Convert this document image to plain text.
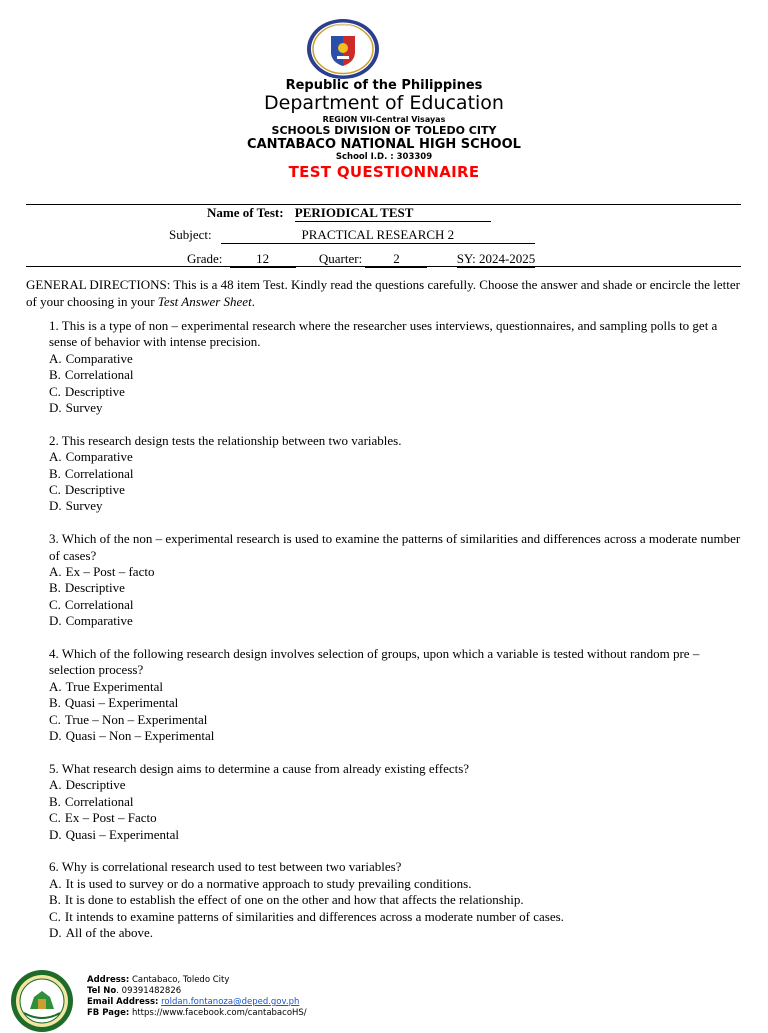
Republic of the Philippines
Department of Education
REGION VII-Central Visayas
SCHOOLS DIVISION OF TOLEDO CITY
CANTABACO NATIONAL HIGH SCHOOL
School I.D. : 303309
TEST QUESTIONNAIRE
Name of Test: PERIODICAL TEST
Subject:	PRACTICAL RESEARCH 2
Grade:	12	Quarter: 2	SY: 2024-2025
GENERAL DIRECTIONS: This is a 48 item Test. Kindly read the questions carefully. Choose the answer and shade or encircle the letter of your choosing in your Test Answer Sheet.

1. This is a type of non – experimental research where the researcher uses interviews, questionnaires, and sampling polls to get a sense of behavior with intense precision.

A. Comparative

B. Correlational

C. Descriptive

D. Survey

2. This research design tests the relationship between two variables.

A. Comparative

B. Correlational

C. Descriptive

D. Survey

3. Which of the non – experimental research is used to examine the patterns of similarities and differences across a moderate number of cases?

A. Ex – Post – facto

B. Descriptive

C. Correlational

D. Comparative

4. Which of the following research design involves selection of groups, upon which a variable is tested without random pre – selection process?

A. True Experimental

B. Quasi – Experimental

C. True – Non – Experimental

D. Quasi – Non – Experimental

5. What research design aims to determine a cause from already existing effects?

A. Descriptive

B. Correlational

C. Ex – Post – Facto

D. Quasi – Experimental

6. Why is correlational research used to test between two variables?

A. It is used to survey or do a normative approach to study prevailing conditions.

B. It is done to establish the effect of one on the other and how that affects the relationship.

C. It intends to examine patterns of similarities and differences across a moderate number of cases.

D. All of the above.

Address: Cantabaco, Toledo City
Tel No. 09391482826
Email Address: roldan.fontanoza@deped.gov.ph
FB Page: https://www.facebook.com/cantabacoHS/
